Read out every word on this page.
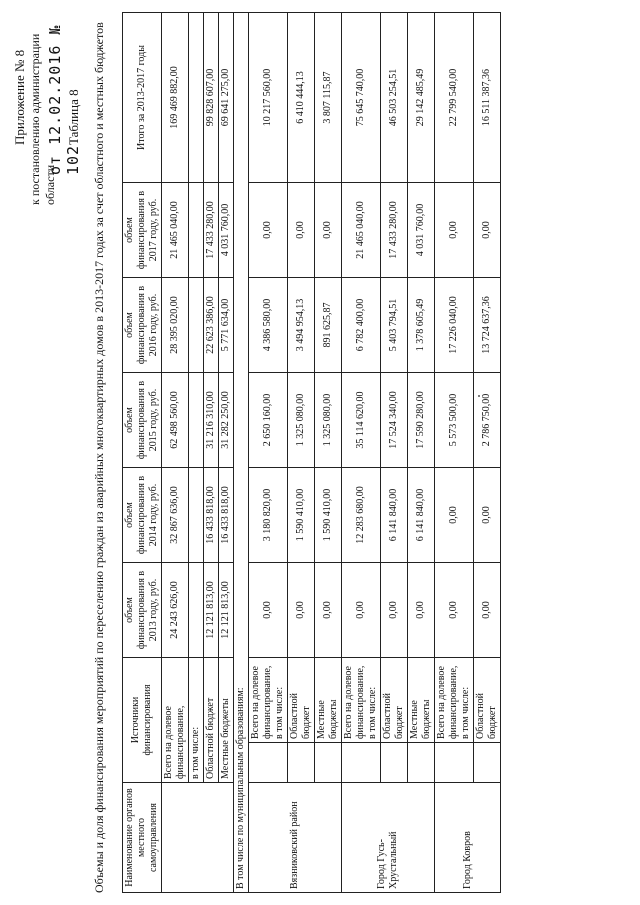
Приложение № 8 к постановлению администрации области
от 12.02.2016 № 102
Таблица 8 Объемы и доля финансирования мероприятий по переселению граждан из аварийных многоквартирных домов в 2013-2017 годах за счет областного и местных бюджетов Наименование органов местного самоуправления	Источники финансирования		объем финансирования в 2013 году, руб.	объем финансирования в 2014 году, руб.	объем финансирования в 2015 году, руб.	объем финансирования в 2016 году, руб.	объем финансирования в 2017 году, руб.	Итого за 2013-2017 годы
	Всего на долевое финансирование,		24 243 626,00	32 867 636,00	62 498 560,00	28 395 020,00	21 465 040,00	169 469 882,00
	в том числе:							
	Областной бюджет		12 121 813,00	16 433 818,00	31 216 310,00	22 623 386,00	17 433 280,00	99 828 607,00
	Местные бюджеты		12 121 813,00	16 433 818,00	31 282 250,00	5 771 634,00	4 031 760,00	69 641 275,00
В том числе по муниципальным образованиям:								
Вязниковский район		Всего на долевое финансирование, в том числе:	0,00	3 180 820,00	2 650 160,00	4 386 580,00	0,00	10 217 560,00
		Областной бюджет	0,00	1 590 410,00	1 325 080,00	3 494 954,13	0,00	6 410 444,13
		Местные бюджеты	0,00	1 590 410,00	1 325 080,00	891 625,87	0,00	3 807 115,87
Город Гусь-Хрустальный		Всего на долевое финансирование, в том числе:	0,00	12 283 680,00	35 114 620,00	6 782 400,00	21 465 040,00	75 645 740,00
		Областной бюджет	0,00	6 141 840,00	17 524 340,00	5 403 794,51	17 433 280,00	46 503 254,51
		Местные бюджеты	0,00	6 141 840,00	17 590 280,00	1 378 605,49	4 031 760,00	29 142 485,49
Город Ковров		Всего на долевое финансирование, в том числе:	0,00	0,00	5 573 500,00	17 226 040,00	0,00	22 799 540,00
		Областной бюджет	0,00	0,00	2 786 750,00	13 724 637,36	0,00	16 511 387,36
